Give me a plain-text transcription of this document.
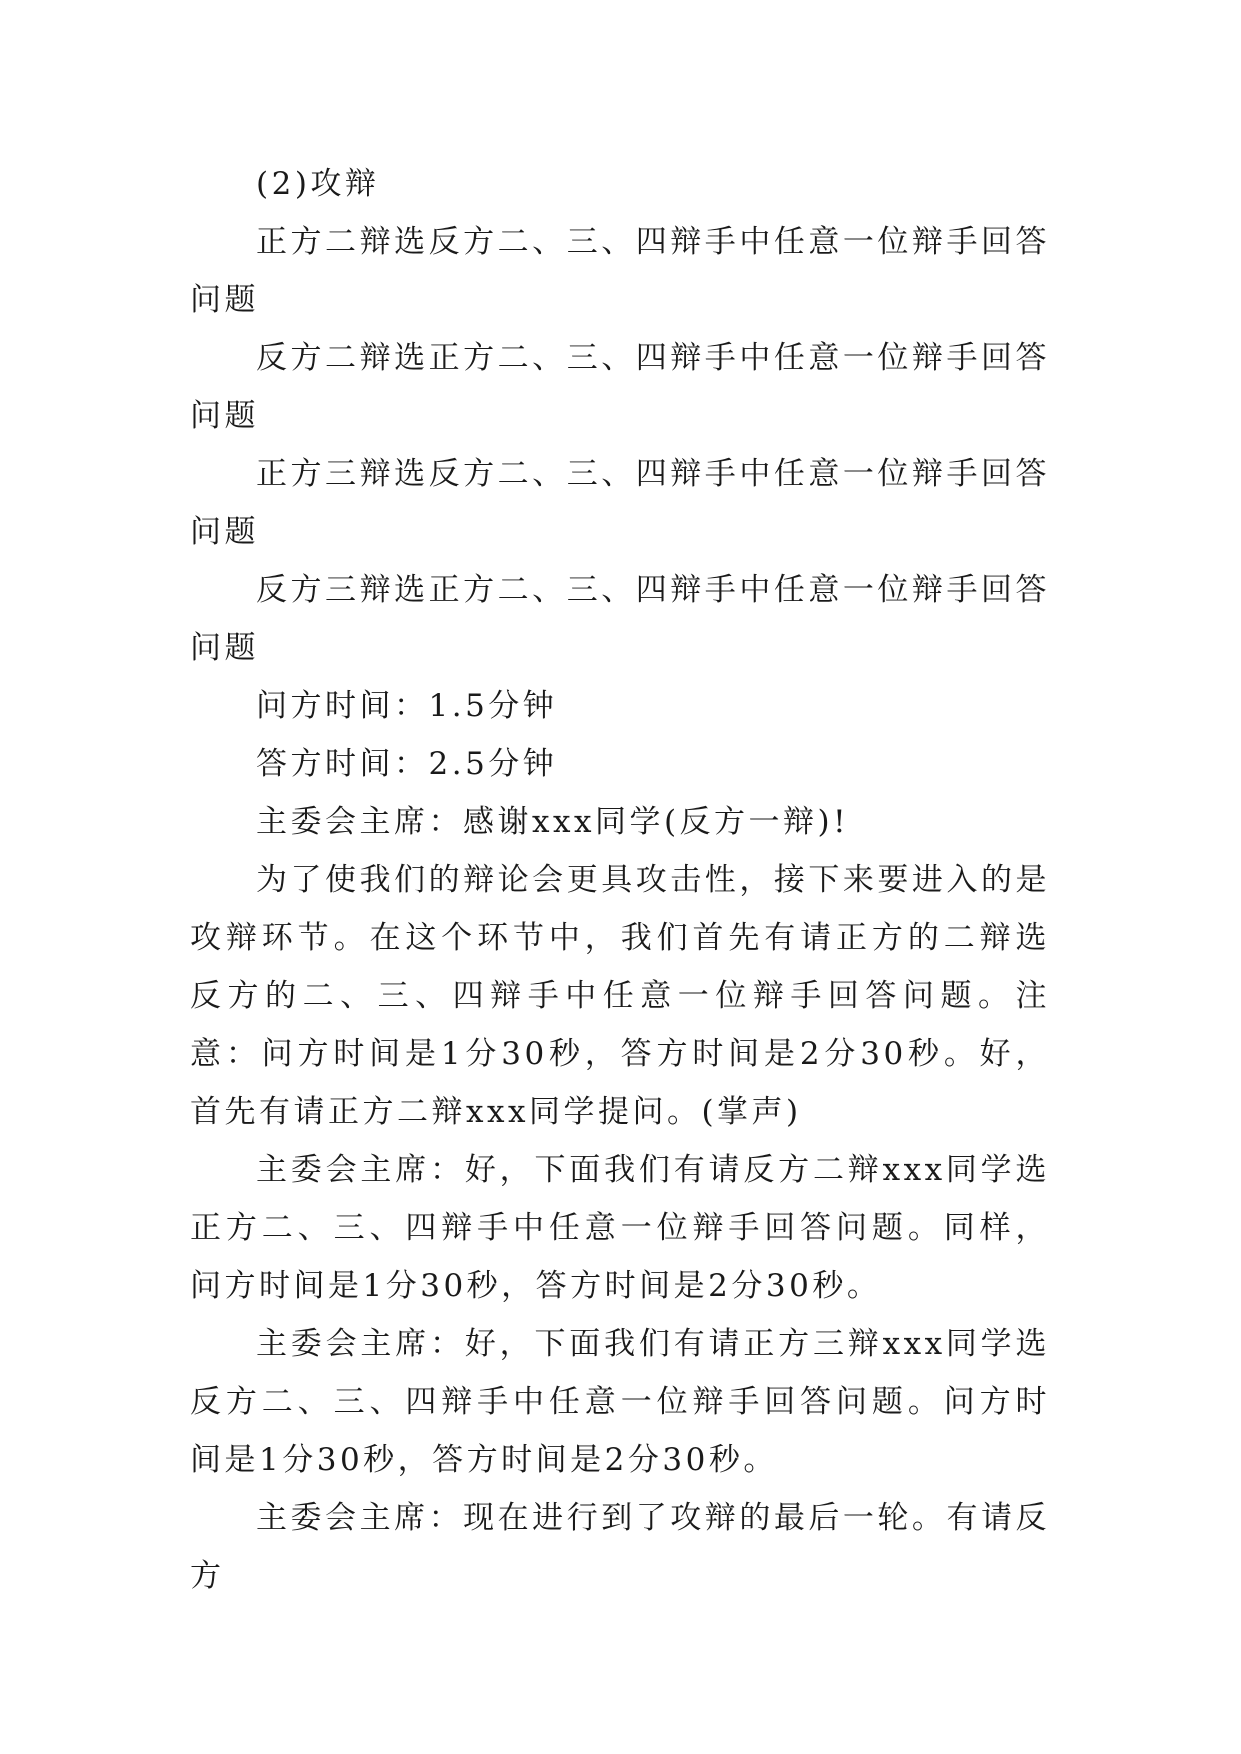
(2)攻辩

正方二辩选反方二、三、四辩手中任意一位辩手回答问题

反方二辩选正方二、三、四辩手中任意一位辩手回答问题

正方三辩选反方二、三、四辩手中任意一位辩手回答问题

反方三辩选正方二、三、四辩手中任意一位辩手回答问题

问方时间：1.5分钟

答方时间：2.5分钟

主委会主席：感谢xxx同学(反方一辩)!

为了使我们的辩论会更具攻击性，接下来要进入的是攻辩环节。在这个环节中，我们首先有请正方的二辩选反方的二、三、四辩手中任意一位辩手回答问题。注意：问方时间是1分30秒，答方时间是2分30秒。好，首先有请正方二辩xxx同学提问。(掌声)

主委会主席：好，下面我们有请反方二辩xxx同学选正方二、三、四辩手中任意一位辩手回答问题。同样，问方时间是1分30秒，答方时间是2分30秒。

主委会主席：好，下面我们有请正方三辩xxx同学选反方二、三、四辩手中任意一位辩手回答问题。问方时间是1分30秒，答方时间是2分30秒。

主委会主席：现在进行到了攻辩的最后一轮。有请反方
